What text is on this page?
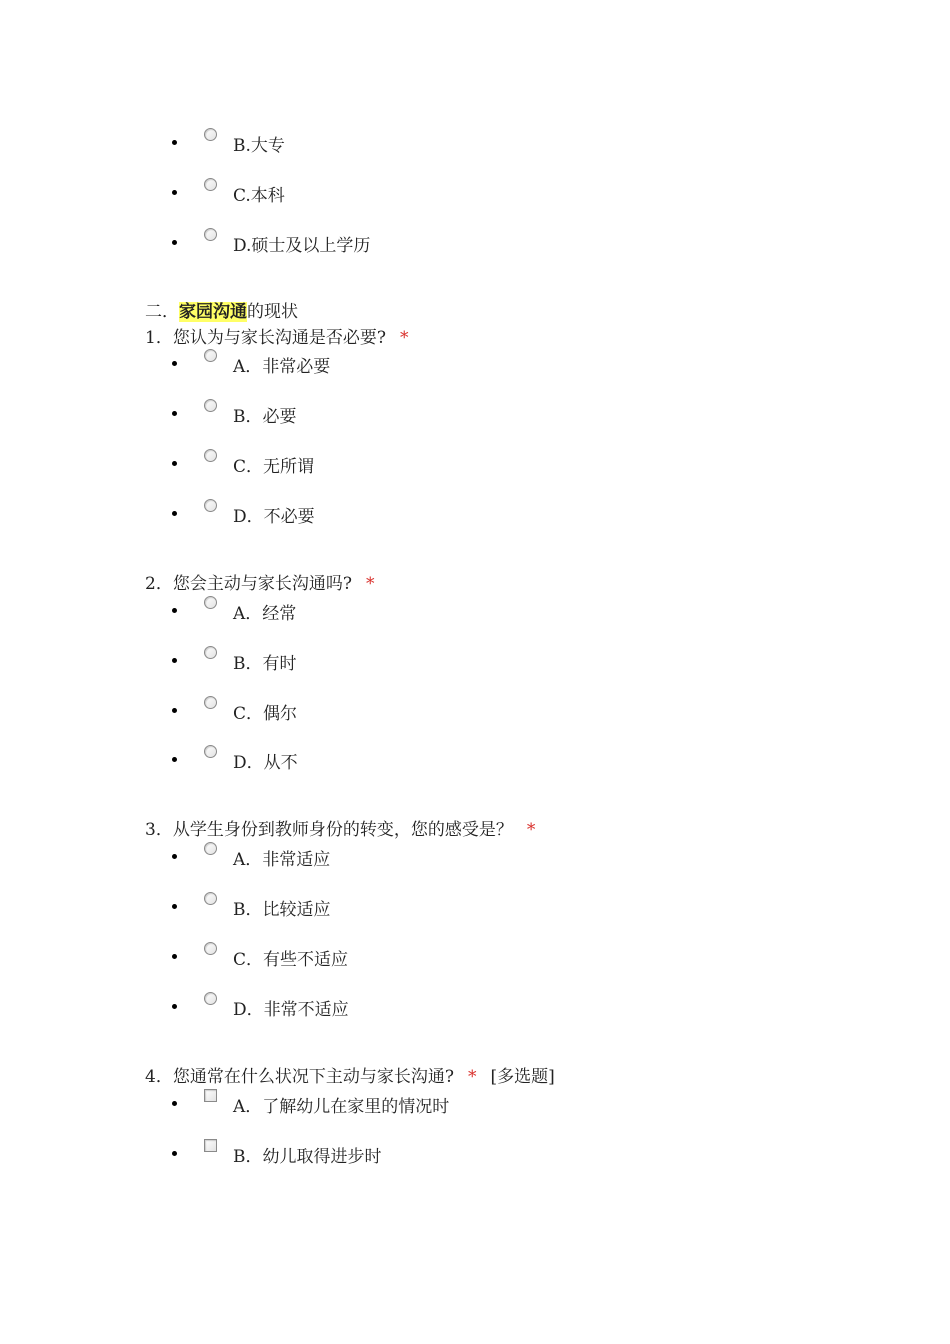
B.大专
C.本科
D.硕士及以上学历
二．家园沟通的现状
1．您认为与家长沟通是否必要? *
A．非常必要
B．必要
C．无所谓
D．不必要
2．您会主动与家长沟通吗? *
A．经常
B．有时
C．偶尔
D．从不
3．从学生身份到教师身份的转变，您的感受是？ *
A．非常适应
B．比较适应
C．有些不适应
D．非常不适应
4．您通常在什么状况下主动与家长沟通? * [多选题]
A．了解幼儿在家里的情况时
B．幼儿取得进步时
